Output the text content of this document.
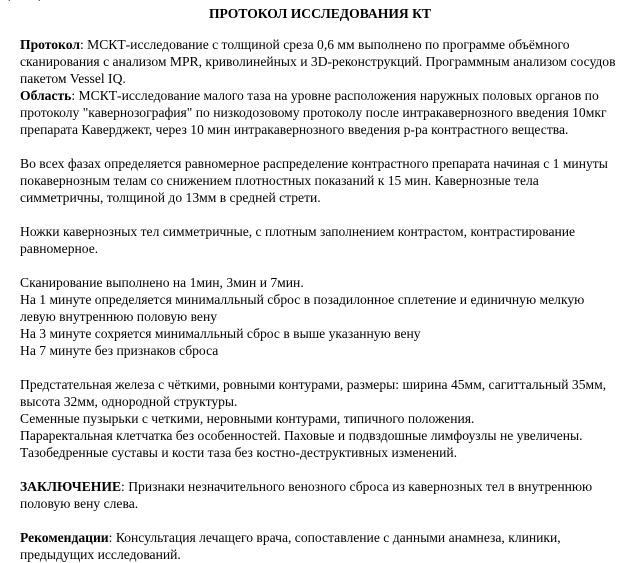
ПРОТОКОЛ ИССЛЕДОВАНИЯ КТ

Протокол: МСКТ-исследование с толщиной среза 0,6 мм выполнено по программе объёмного сканирования с анализом MPR, криволинейных и 3D-реконструкций. Программным анализом сосудов пакетом Vessel IQ.

Область: МСКТ-исследование малого таза на уровне расположения наружных половых органов по протоколу "кавернозография" по низкодозовому протоколу после интракавернозного введения 10мкг препарата Каверджект, через 10 мин интракавернозного введения р-ра контрастного вещества.

Во всех фазах определяется равномерное распределение контрастного препарата начиная с 1 минуты покавернозным телам со снижением плотностных показаний к 15 мин. Кавернозные тела симметричны, толщиной до 13мм в средней стрети.

Ножки кавернозных тел симметричные, с плотным заполнением контрастом, контрастирование равномерное.

Сканирование выполнено на 1мин, 3мин и 7мин.

На 1 минуте определяется минималльный сброс в позадилонное сплетение и единичную мелкую левую внутреннюю половую вену

На 3 минуте сохряется минималльный сброс в выше указанную вену

На 7 минуте без признаков сброса

Предстательная железа с чёткими, ровными контурами, размеры: ширина 45мм, сагиттальный 35мм, высота 32мм, однородной структуры.

Семенные пузырьки с четкими, неровными контурами, типичного положения.

Параректальная клетчатка без особенностей. Паховые и подвздошные лимфоузлы не увеличены.

Тазобедренные суставы и кости таза без костно-деструктивных изменений.

ЗАКЛЮЧЕНИЕ: Признаки незначительного венозного сброса из кавернозных тел в внутреннюю половую вену слева.

Рекомендации: Консультация лечащего врача, сопоставление с данными анамнеза, клиники, предыдущих исследований.
